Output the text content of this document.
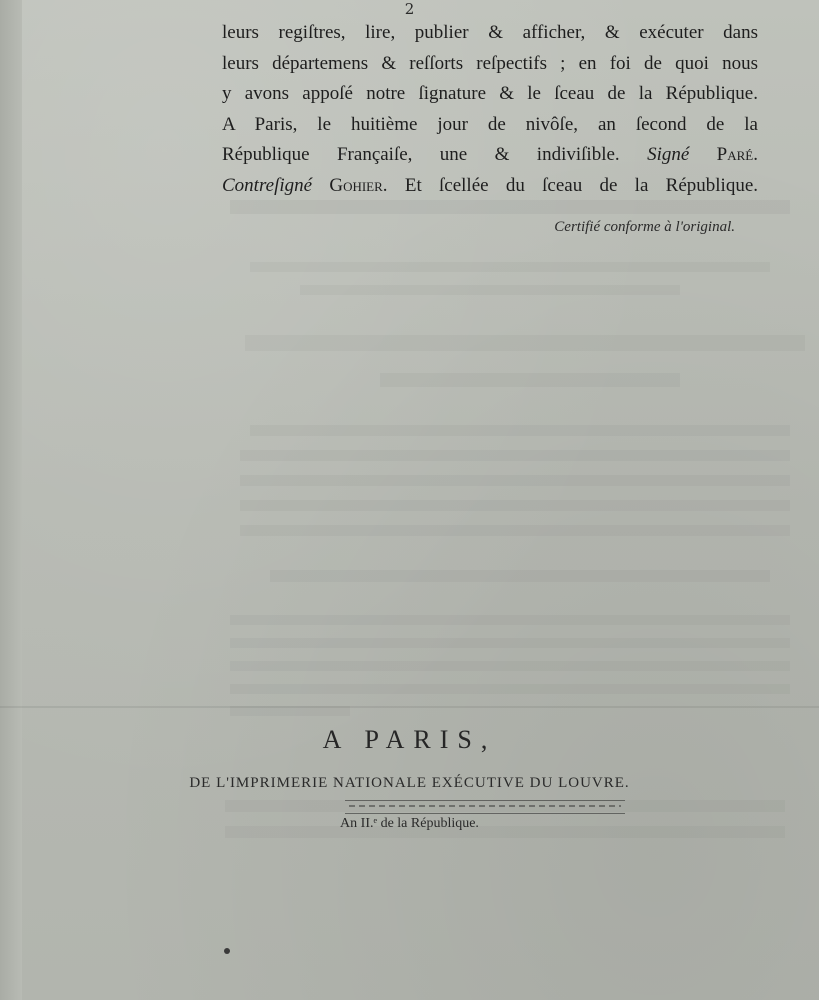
2
leurs regiſtres, lire, publier & afficher, & exécuter dans
leurs départemens & reſſorts reſpectifs ; en foi de quoi nous
y avons appoſé notre ſignature & le ſceau de la République.
A Paris, le huitième jour de nivôſe, an ſecond de la
République Françaiſe, une & indiviſible. Signé Paré.
Contreſigné Gohier. Et ſcellée du ſceau de la République.
Certifié conforme à l'original.
A PARIS,
DE L'IMPRIMERIE NATIONALE EXÉCUTIVE DU LOUVRE.
An II.ᵉ de la République.
